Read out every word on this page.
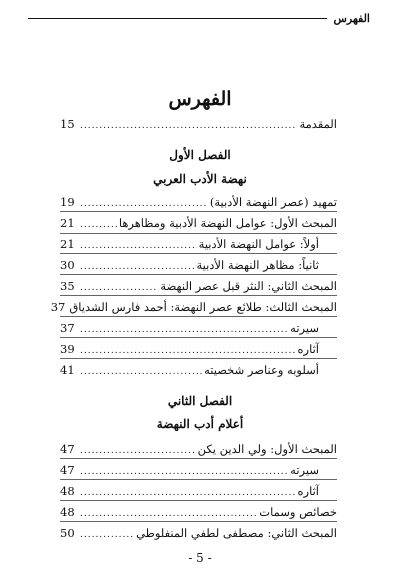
الفهرس
الفهرس
المقدمة
.....
15
الفصل الأول
نهضة الأدب العربي
تمهيد (عصر النهضة الأدبية)
.....
19
المبحث الأول: عوامل النهضة الأدبية ومظاهرها
.....
21
أولاً: عوامل النهضة الأدبية
.....
21
ثانياً: مظاهر النهضة الأدبية
.....
30
المبحث الثاني: النثر قبل عصر النهضة
.....
35
المبحث الثالث: طلائع عصر النهضة: أحمد فارس الشدياق
37
سيرته
.....
37
آثاره
.....
39
أسلوبه وعناصر شخصيته
.....
41
الفصل الثاني
أعلام أدب النهضة
المبحث الأول: ولي الدين يكن
.....
47
سيرته
.....
47
آثاره
.....
48
خصائص وسمات
.....
48
المبحث الثاني: مصطفى لطفي المنفلوطي
.....
50
- 5 -
